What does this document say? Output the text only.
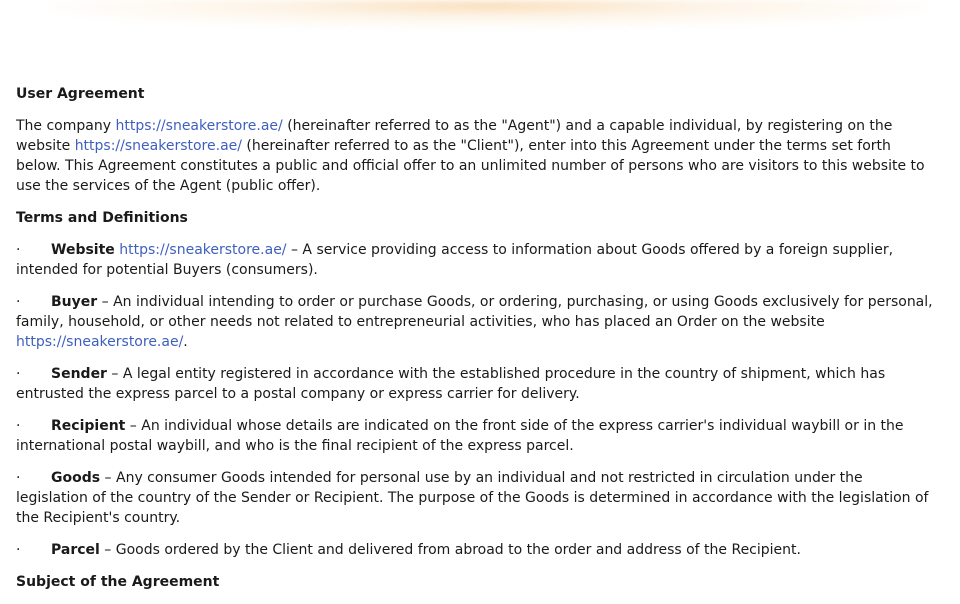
User Agreement

The company https://sneakerstore.ae/ (hereinafter referred to as the "Agent") and a capable individual, by registering on the website https://sneakerstore.ae/ (hereinafter referred to as the "Client"), enter into this Agreement under the terms set forth below. This Agreement constitutes a public and official offer to an unlimited number of persons who are visitors to this website to use the services of the Agent (public offer).

Terms and Definitions

· Website https://sneakerstore.ae/ – A service providing access to information about Goods offered by a foreign supplier, intended for potential Buyers (consumers).

· Buyer – An individual intending to order or purchase Goods, or ordering, purchasing, or using Goods exclusively for personal, family, household, or other needs not related to entrepreneurial activities, who has placed an Order on the website https://sneakerstore.ae/.

· Sender – A legal entity registered in accordance with the established procedure in the country of shipment, which has entrusted the express parcel to a postal company or express carrier for delivery.

· Recipient – An individual whose details are indicated on the front side of the express carrier's individual waybill or in the international postal waybill, and who is the final recipient of the express parcel.

· Goods – Any consumer Goods intended for personal use by an individual and not restricted in circulation under the legislation of the country of the Sender or Recipient. The purpose of the Goods is determined in accordance with the legislation of the Recipient's country.

· Parcel – Goods ordered by the Client and delivered from abroad to the order and address of the Recipient.

Subject of the Agreement
